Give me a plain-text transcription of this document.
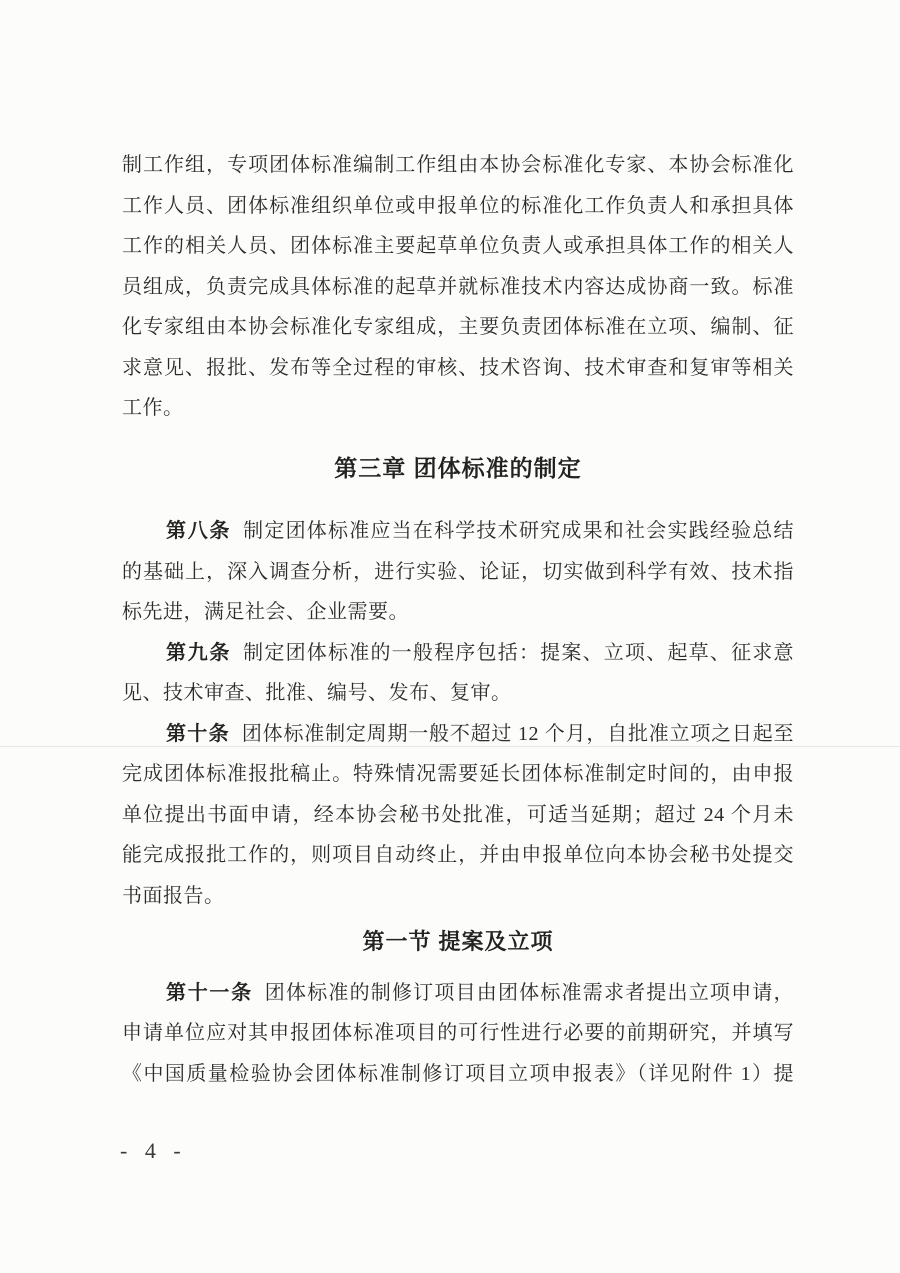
制工作组，专项团体标准编制工作组由本协会标准化专家、本协会标准化
工作人员、团体标准组织单位或申报单位的标准化工作负责人和承担具体
工作的相关人员、团体标准主要起草单位负责人或承担具体工作的相关人
员组成，负责完成具体标准的起草并就标准技术内容达成协商一致。标准
化专家组由本协会标准化专家组成，主要负责团体标准在立项、编制、征
求意见、报批、发布等全过程的审核、技术咨询、技术审查和复审等相关
工作。
第三章 团体标准的制定
第八条 制定团体标准应当在科学技术研究成果和社会实践经验总结
的基础上，深入调查分析，进行实验、论证，切实做到科学有效、技术指
标先进，满足社会、企业需要。
第九条 制定团体标准的一般程序包括：提案、立项、起草、征求意
见、技术审查、批准、编号、发布、复审。
第十条 团体标准制定周期一般不超过 12 个月，自批准立项之日起至
完成团体标准报批稿止。特殊情况需要延长团体标准制定时间的，由申报
单位提出书面申请，经本协会秘书处批准，可适当延期；超过 24 个月未
能完成报批工作的，则项目自动终止，并由申报单位向本协会秘书处提交
书面报告。
第一节 提案及立项
第十一条 团体标准的制修订项目由团体标准需求者提出立项申请，
申请单位应对其申报团体标准项目的可行性进行必要的前期研究，并填写
《中国质量检验协会团体标准制修订项目立项申报表》（详见附件 1）提
- 4 -
